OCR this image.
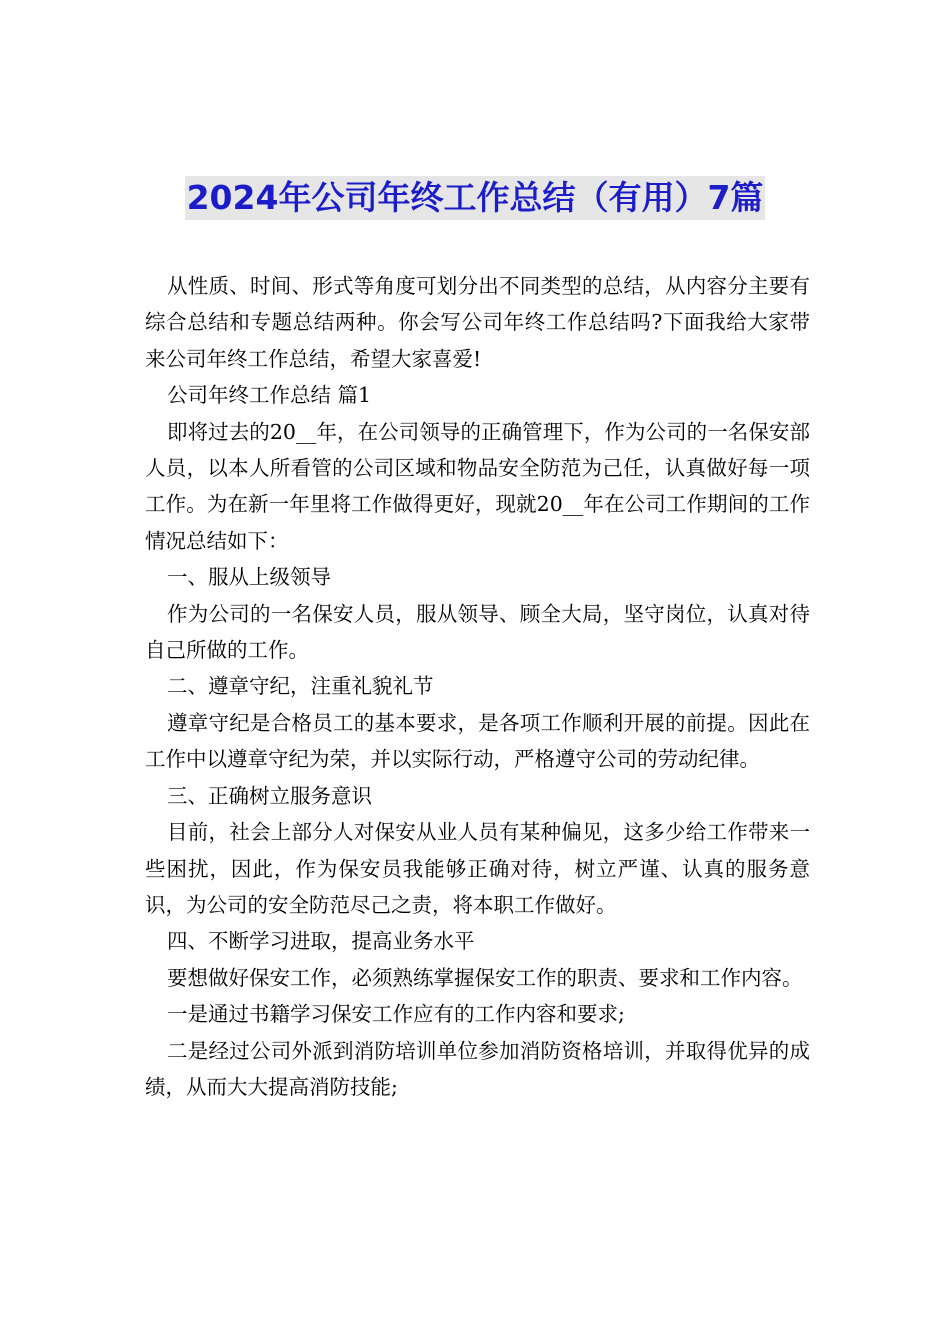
2024年公司年终工作总结（有用）7篇

从性质、时间、形式等角度可划分出不同类型的总结，从内容分主要有综合总结和专题总结两种。你会写公司年终工作总结吗?下面我给大家带来公司年终工作总结，希望大家喜爱!

公司年终工作总结 篇1

即将过去的20__年，在公司领导的正确管理下，作为公司的一名保安部人员，以本人所看管的公司区域和物品安全防范为己任，认真做好每一项工作。为在新一年里将工作做得更好，现就20__年在公司工作期间的工作情况总结如下：

一、服从上级领导

作为公司的一名保安人员，服从领导、顾全大局，坚守岗位，认真对待自己所做的工作。

二、遵章守纪，注重礼貌礼节

遵章守纪是合格员工的基本要求，是各项工作顺利开展的前提。因此在工作中以遵章守纪为荣，并以实际行动，严格遵守公司的劳动纪律。

三、正确树立服务意识

目前，社会上部分人对保安从业人员有某种偏见，这多少给工作带来一些困扰，因此，作为保安员我能够正确对待，树立严谨、认真的服务意识，为公司的安全防范尽己之责，将本职工作做好。

四、不断学习进取，提高业务水平

要想做好保安工作，必须熟练掌握保安工作的职责、要求和工作内容。

一是通过书籍学习保安工作应有的工作内容和要求;

二是经过公司外派到消防培训单位参加消防资格培训，并取得优异的成绩，从而大大提高消防技能;
